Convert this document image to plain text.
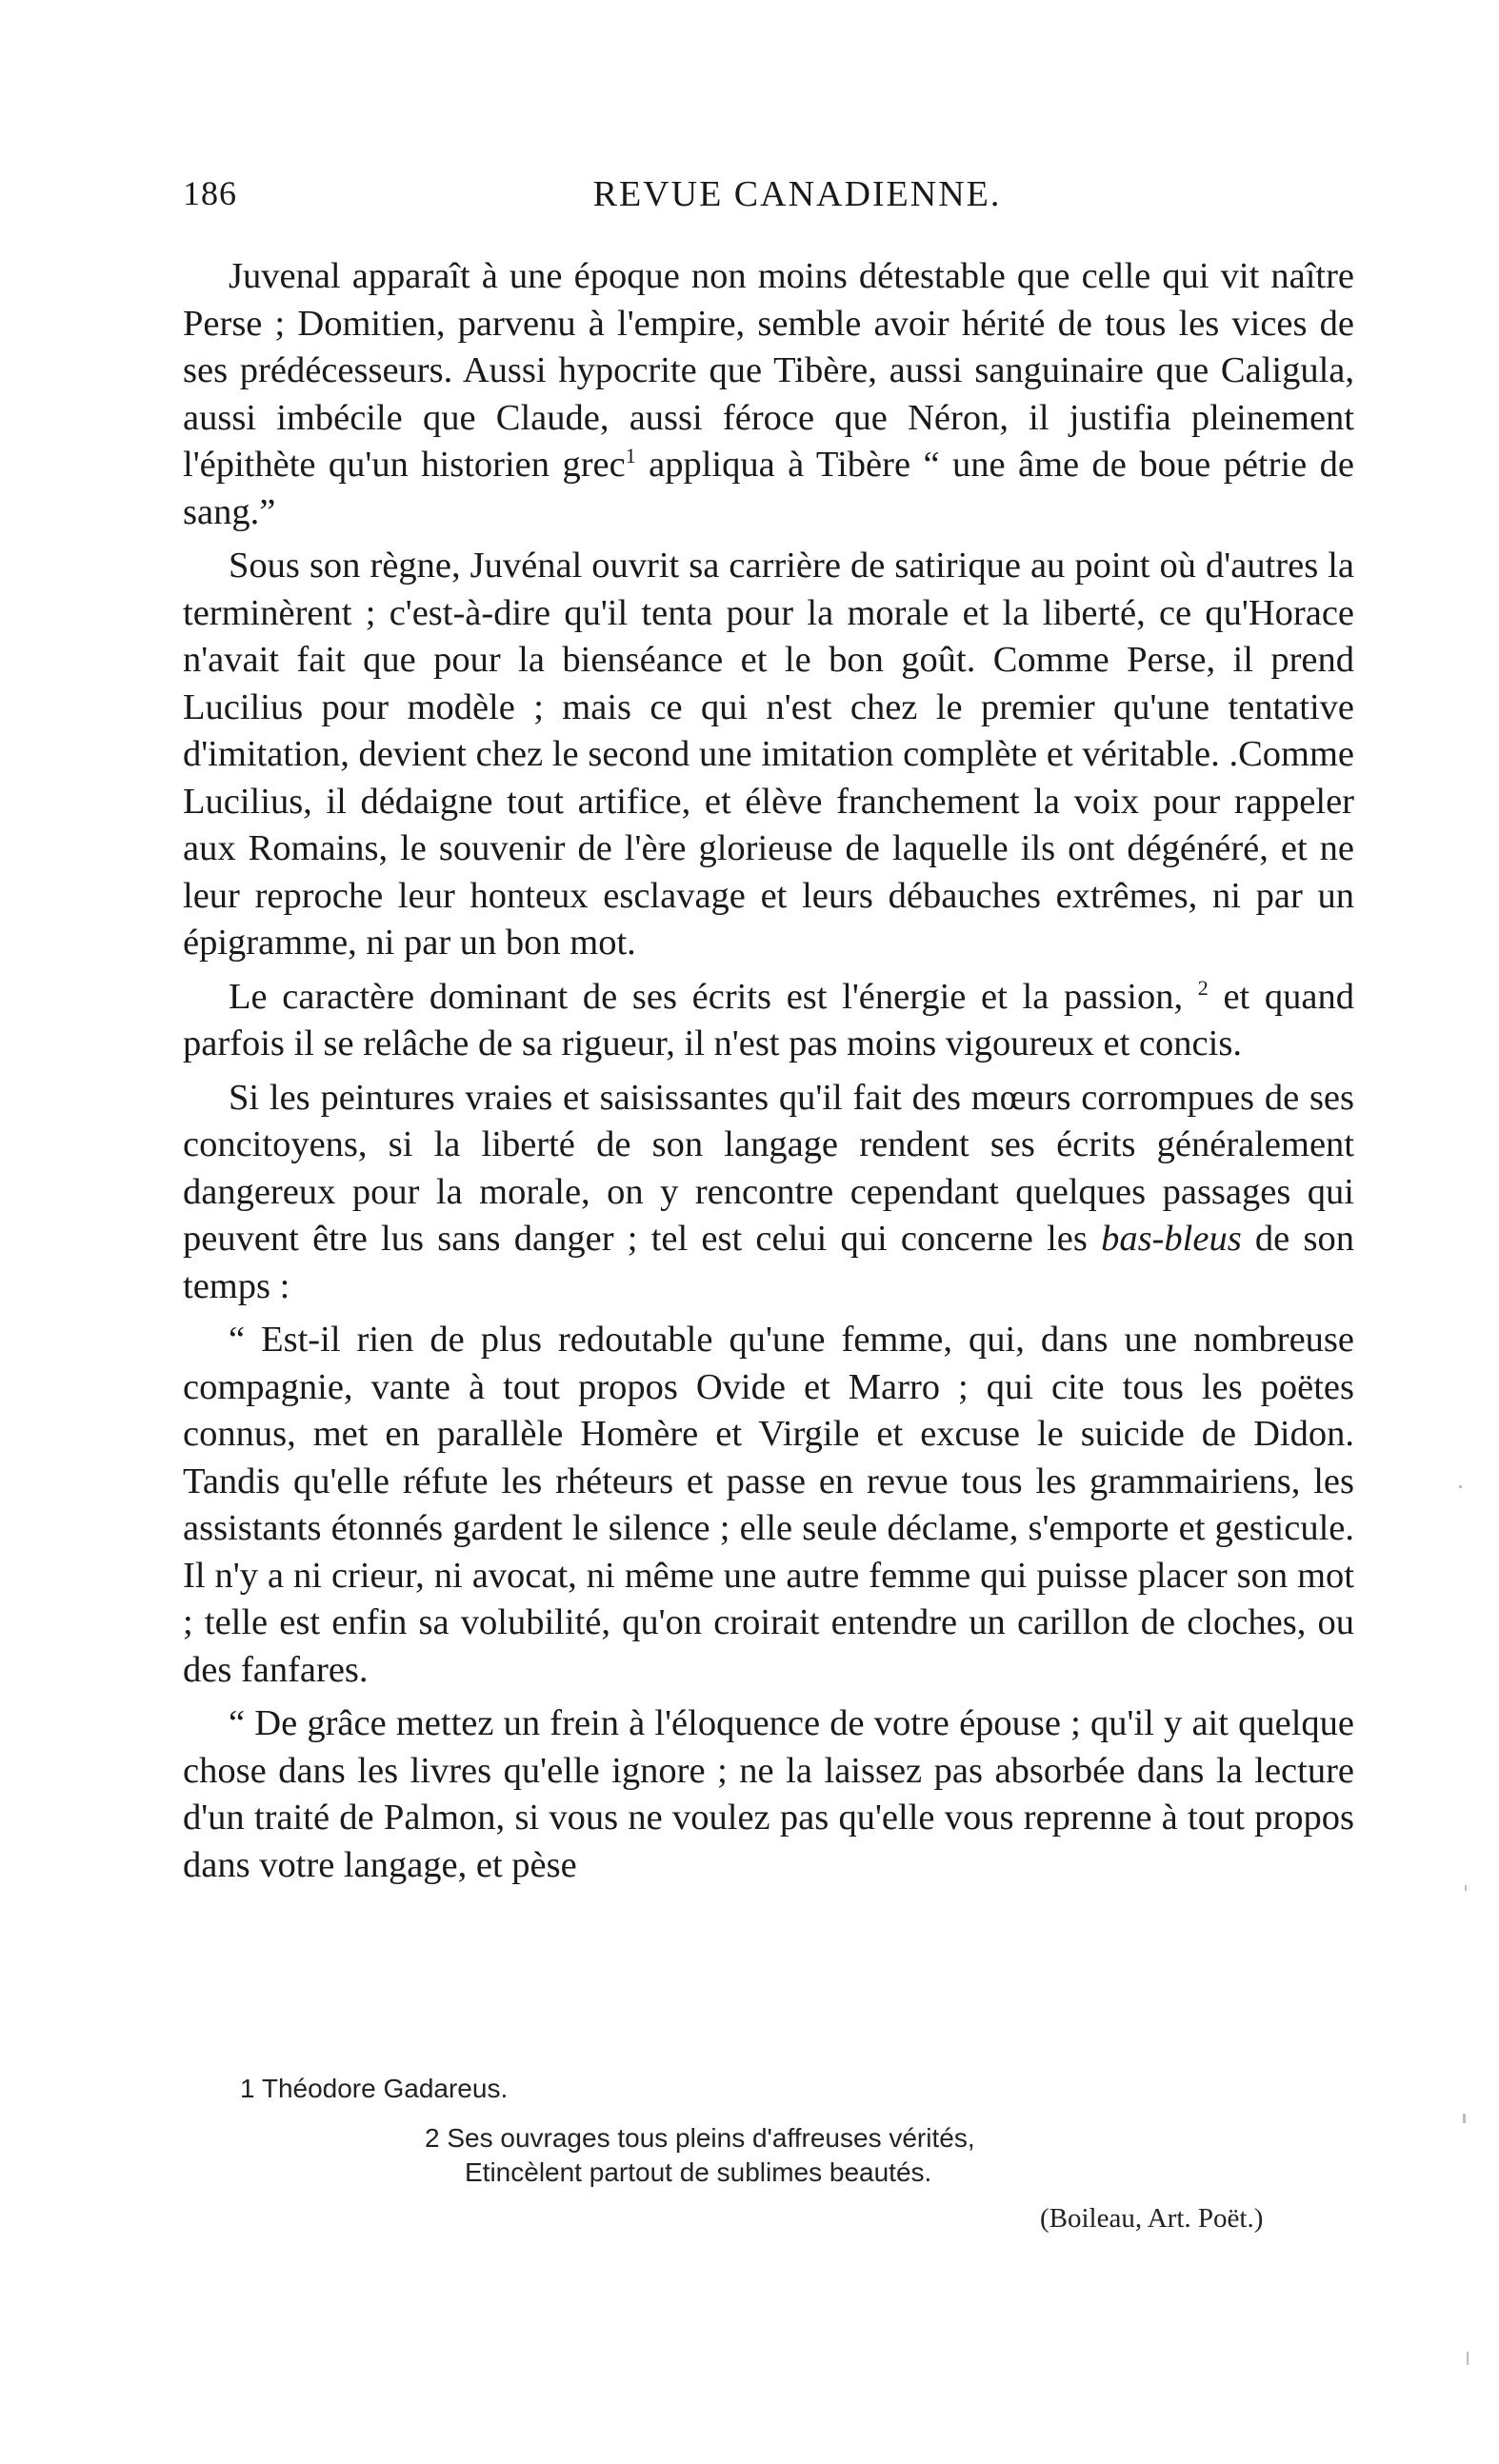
186	REVUE CANADIENNE.

Juvenal apparaît à une époque non moins détestable que celle qui vit naître Perse ; Domitien, parvenu à l'empire, semble avoir hérité de tous les vices de ses prédécesseurs. Aussi hypocrite que Tibère, aussi sanguinaire que Caligula, aussi imbécile que Claude, aussi féroce que Néron, il justifia pleinement l'épithète qu'un historien grec$^1$ appliqua à Tibère “ une âme de boue pétrie de sang.”

Sous son règne, Juvénal ouvrit sa carrière de satirique au point où d'autres la terminèrent ; c'est-à-dire qu'il tenta pour la morale et la liberté, ce qu'Horace n'avait fait que pour la bienséance et le bon goût. Comme Perse, il prend Lucilius pour modèle ; mais ce qui n'est chez le premier qu'une tentative d'imitation, devient chez le second une imitation complète et véritable. .Comme Lucilius, il dédaigne tout artifice, et élève franchement la voix pour rappeler aux Romains, le souvenir de l'ère glorieuse de laquelle ils ont dégénéré, et ne leur reproche leur honteux esclavage et leurs débauches extrêmes, ni par un épigramme, ni par un bon mot.

Le caractère dominant de ses écrits est l'énergie et la passion, $^2$ et quand parfois il se relâche de sa rigueur, il n'est pas moins vigoureux et concis.

Si les peintures vraies et saisissantes qu'il fait des mœurs corrompues de ses concitoyens, si la liberté de son langage rendent ses écrits généralement dangereux pour la morale, on y rencontre cependant quelques passages qui peuvent être lus sans danger ; tel est celui qui concerne les bas-bleus de son temps :

“ Est-il rien de plus redoutable qu'une femme, qui, dans une nombreuse compagnie, vante à tout propos Ovide et Marro ; qui cite tous les poëtes connus, met en parallèle Homère et Virgile et excuse le suicide de Didon. Tandis qu'elle réfute les rhéteurs et passe en revue tous les grammairiens, les assistants étonnés gardent le silence ; elle seule déclame, s'emporte et gesticule. Il n'y a ni crieur, ni avocat, ni même une autre femme qui puisse placer son mot ; telle est enfin sa volubilité, qu'on croirait entendre un carillon de cloches, ou des fanfares.

“ De grâce mettez un frein à l'éloquence de votre épouse ; qu'il y ait quelque chose dans les livres qu'elle ignore ; ne la laissez pas absorbée dans la lecture d'un traité de Palmon, si vous ne voulez pas qu'elle vous reprenne à tout propos dans votre langage, et pèse

1 Théodore Gadareus.
2 Ses ouvrages tous pleins d'affreuses vérités,
Etincèlent partout de sublimes beautés.
(Boileau, Art. Poët.)
